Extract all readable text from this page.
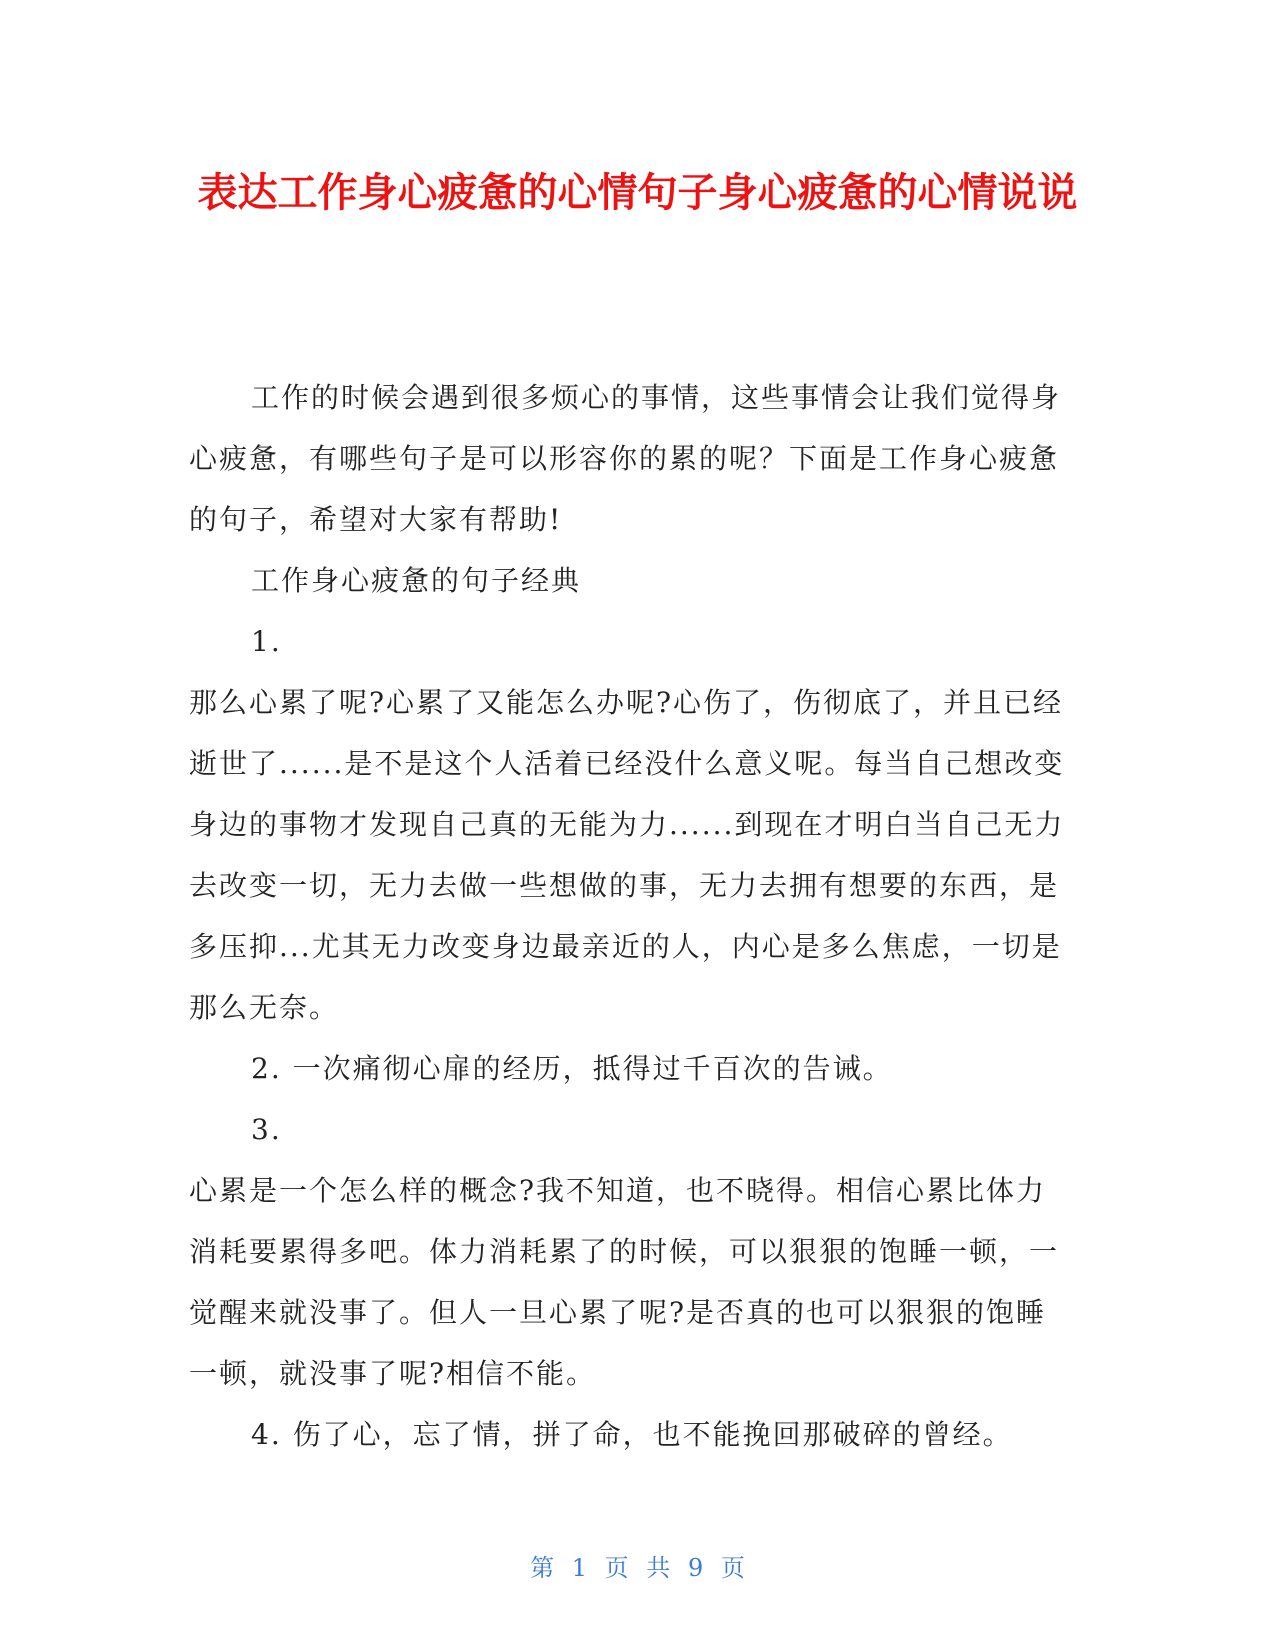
表达工作身心疲惫的心情句子身心疲惫的心情说说

工作的时候会遇到很多烦心的事情，这些事情会让我们觉得身心疲惫，有哪些句子是可以形容你的累的呢？下面是工作身心疲惫的句子，希望对大家有帮助!

工作身心疲惫的句子经典

1.

那么心累了呢?心累了又能怎么办呢?心伤了，伤彻底了，并且已经逝世了......是不是这个人活着已经没什么意义呢。每当自己想改变身边的事物才发现自己真的无能为力......到现在才明白当自己无力去改变一切，无力去做一些想做的事，无力去拥有想要的东西，是多压抑...尤其无力改变身边最亲近的人，内心是多么焦虑，一切是那么无奈。

2. 一次痛彻心扉的经历，抵得过千百次的告诫。

3.

心累是一个怎么样的概念?我不知道，也不晓得。相信心累比体力消耗要累得多吧。体力消耗累了的时候，可以狠狠的饱睡一顿，一觉醒来就没事了。但人一旦心累了呢?是否真的也可以狠狠的饱睡一顿，就没事了呢?相信不能。

4. 伤了心，忘了情，拼了命，也不能挽回那破碎的曾经。

第 1 页 共 9 页
